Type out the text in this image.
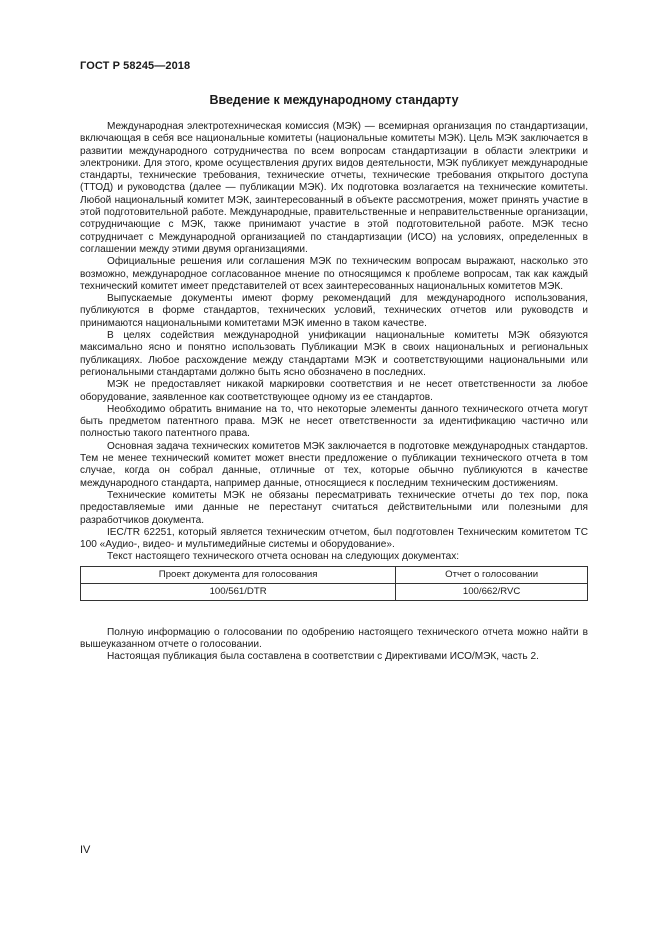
ГОСТ Р 58245—2018
Введение к международному стандарту

Международная электротехническая комиссия (МЭК) — всемирная организация по стандартизации, включающая в себя все национальные комитеты (национальные комитеты МЭК). Цель МЭК заключается в развитии международного сотрудничества по всем вопросам стандартизации в области электрики и электроники. Для этого, кроме осуществления других видов деятельности, МЭК публикует международные стандарты, технические требования, технические отчеты, технические требования открытого доступа (ТТОД) и руководства (далее — публикации МЭК). Их подготовка возлагается на технические комитеты. Любой национальный комитет МЭК, заинтересованный в объекте рассмотрения, может принять участие в этой подготовительной работе. Международные, правительственные и неправительственные организации, сотрудничающие с МЭК, также принимают участие в этой подготовительной работе. МЭК тесно сотрудничает с Международной организацией по стандартизации (ИСО) на условиях, определенных в соглашении между этими двумя организациями.

Официальные решения или соглашения МЭК по техническим вопросам выражают, насколько это возможно, международное согласованное мнение по относящимся к проблеме вопросам, так как каждый технический комитет имеет представителей от всех заинтересованных национальных комитетов МЭК.

Выпускаемые документы имеют форму рекомендаций для международного использования, публикуются в форме стандартов, технических условий, технических отчетов или руководств и принимаются национальными комитетами МЭК именно в таком качестве.

В целях содействия международной унификации национальные комитеты МЭК обязуются максимально ясно и понятно использовать Публикации МЭК в своих национальных и региональных публикациях. Любое расхождение между стандартами МЭК и соответствующими национальными или региональными стандартами должно быть ясно обозначено в последних.

МЭК не предоставляет никакой маркировки соответствия и не несет ответственности за любое оборудование, заявленное как соответствующее одному из ее стандартов.

Необходимо обратить внимание на то, что некоторые элементы данного технического отчета могут быть предметом патентного права. МЭК не несет ответственности за идентификацию частично или полностью такого патентного права.

Основная задача технических комитетов МЭК заключается в подготовке международных стандартов. Тем не менее технический комитет может внести предложение о публикации технического отчета в том случае, когда он собрал данные, отличные от тех, которые обычно публикуются в качестве международного стандарта, например данные, относящиеся к последним техническим достижениям.

Технические комитеты МЭК не обязаны пересматривать технические отчеты до тех пор, пока предоставляемые ими данные не перестанут считаться действительными или полезными для разработчиков документа.

IEC/TR 62251, который является техническим отчетом, был подготовлен Техническим комитетом ТС 100 «Аудио-, видео- и мультимедийные системы и оборудование».

Текст настоящего технического отчета основан на следующих документах:

Проект документа для голосования	Отчет о голосовании
100/561/DTR	100/662/RVC

Полную информацию о голосовании по одобрению настоящего технического отчета можно найти в вышеуказанном отчете о голосовании.

Настоящая публикация была составлена в соответствии с Директивами ИСО/МЭК, часть 2.

IV
